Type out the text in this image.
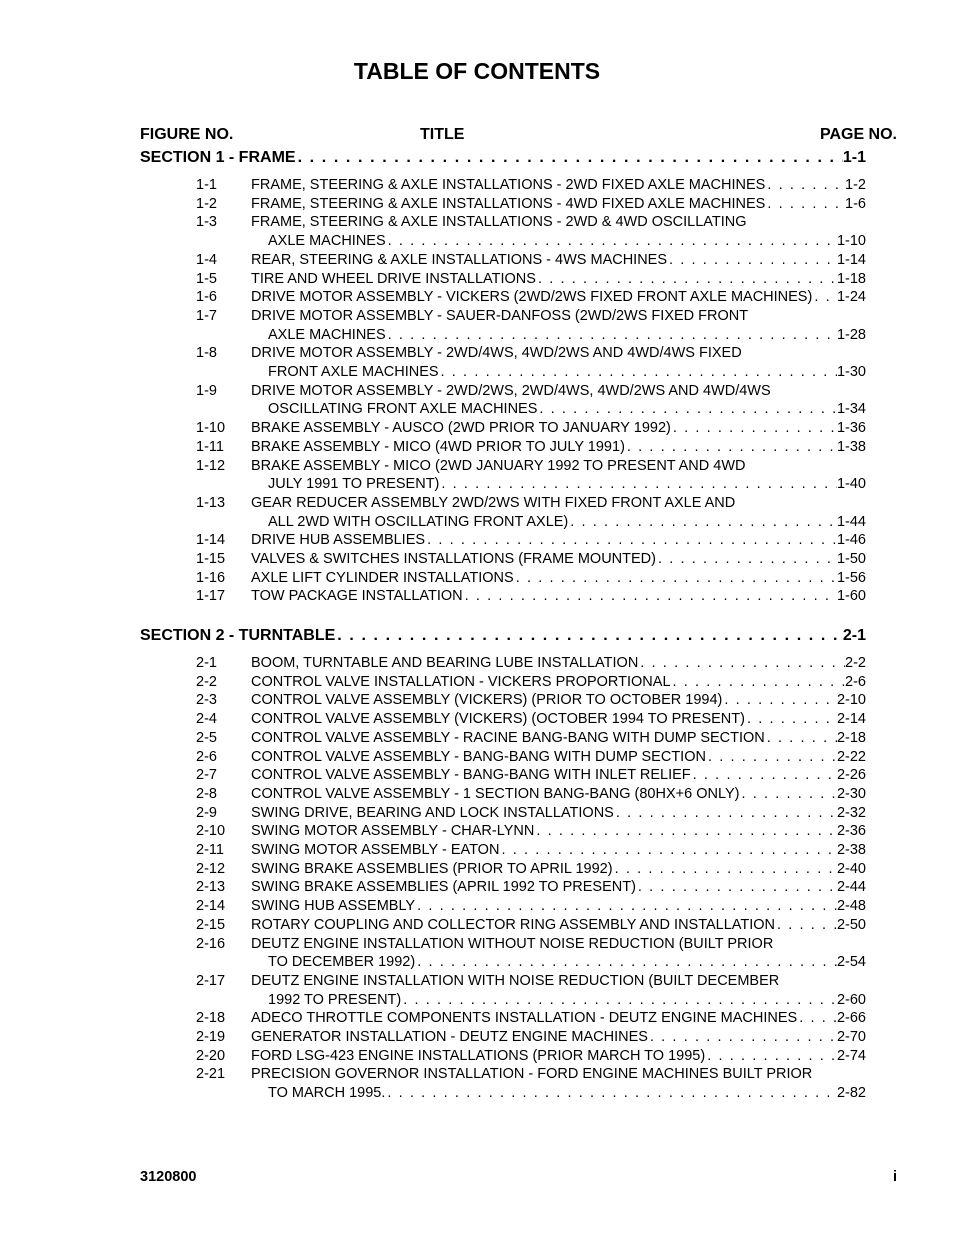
TABLE OF CONTENTS
FIGURE NO.	TITLE	PAGE NO.
SECTION 1 - FRAME . . .	1-1
1-1 FRAME, STEERING & AXLE INSTALLATIONS - 2WD FIXED AXLE MACHINES . . .	1-2
1-2 FRAME, STEERING & AXLE INSTALLATIONS - 4WD FIXED AXLE MACHINES . . .	1-6
1-3 FRAME, STEERING & AXLE INSTALLATIONS - 2WD & 4WD OSCILLATING
AXLE MACHINES . . .	1-10
1-4 REAR, STEERING & AXLE INSTALLATIONS - 4WS MACHINES . . .	1-14
1-5 TIRE AND WHEEL DRIVE INSTALLATIONS . . .	1-18
1-6 DRIVE MOTOR ASSEMBLY - VICKERS (2WD/2WS FIXED FRONT AXLE MACHINES) . . . 1-24
1-7 DRIVE MOTOR ASSEMBLY - SAUER-DANFOSS (2WD/2WS FIXED FRONT
AXLE MACHINES . . .	1-28
1-8 DRIVE MOTOR ASSEMBLY - 2WD/4WS, 4WD/2WS AND 4WD/4WS FIXED
FRONT AXLE MACHINES . . .	1-30
1-9 DRIVE MOTOR ASSEMBLY - 2WD/2WS, 2WD/4WS, 4WD/2WS AND 4WD/4WS
OSCILLATING FRONT AXLE MACHINES . . .	1-34
1-10 BRAKE ASSEMBLY - AUSCO (2WD PRIOR TO JANUARY 1992) . . .	1-36
1-11 BRAKE ASSEMBLY - MICO (4WD PRIOR TO JULY 1991) . . .	1-38
1-12 BRAKE ASSEMBLY - MICO (2WD JANUARY 1992 TO PRESENT AND 4WD
JULY 1991 TO PRESENT) . . .	1-40
1-13 GEAR REDUCER ASSEMBLY 2WD/2WS WITH FIXED FRONT AXLE AND
ALL 2WD WITH OSCILLATING FRONT AXLE) . . .	1-44
1-14 DRIVE HUB ASSEMBLIES . . .	1-46
1-15 VALVES & SWITCHES INSTALLATIONS (FRAME MOUNTED) . . .	1-50
1-16 AXLE LIFT CYLINDER INSTALLATIONS . . .	1-56
1-17 TOW PACKAGE INSTALLATION . . .	1-60
SECTION 2 - TURNTABLE . . .	2-1
2-1 BOOM, TURNTABLE AND BEARING LUBE INSTALLATION . . .	2-2
2-2 CONTROL VALVE INSTALLATION - VICKERS PROPORTIONAL . . .	2-6
2-3 CONTROL VALVE ASSEMBLY (VICKERS) (PRIOR TO OCTOBER 1994) . . .	2-10
2-4 CONTROL VALVE ASSEMBLY (VICKERS) (OCTOBER 1994 TO PRESENT) . . .	2-14
2-5 CONTROL VALVE ASSEMBLY - RACINE BANG-BANG WITH DUMP SECTION . . .	2-18
2-6 CONTROL VALVE ASSEMBLY - BANG-BANG WITH DUMP SECTION . . .	2-22
2-7 CONTROL VALVE ASSEMBLY - BANG-BANG WITH INLET RELIEF . . .	2-26
2-8 CONTROL VALVE ASSEMBLY - 1 SECTION BANG-BANG (80HX+6 ONLY) . . .	2-30
2-9 SWING DRIVE, BEARING AND LOCK INSTALLATIONS . . .	2-32
2-10 SWING MOTOR ASSEMBLY - CHAR-LYNN . . .	2-36
2-11 SWING MOTOR ASSEMBLY - EATON . . .	2-38
2-12 SWING BRAKE ASSEMBLIES (PRIOR TO APRIL 1992) . . .	2-40
2-13 SWING BRAKE ASSEMBLIES (APRIL 1992 TO PRESENT) . . .	2-44
2-14 SWING HUB ASSEMBLY . . .	2-48
2-15 ROTARY COUPLING AND COLLECTOR RING ASSEMBLY AND INSTALLATION . . .	2-50
2-16 DEUTZ ENGINE INSTALLATION WITHOUT NOISE REDUCTION (BUILT PRIOR
TO DECEMBER 1992) . . .	2-54
2-17 DEUTZ ENGINE INSTALLATION WITH NOISE REDUCTION (BUILT DECEMBER
1992 TO PRESENT) . . .	2-60
2-18 ADECO THROTTLE COMPONENTS INSTALLATION - DEUTZ ENGINE MACHINES . . .	2-66
2-19 GENERATOR INSTALLATION - DEUTZ ENGINE MACHINES . . .	2-70
2-20 FORD LSG-423 ENGINE INSTALLATIONS (PRIOR MARCH TO 1995) . . .	2-74
2-21 PRECISION GOVERNOR INSTALLATION - FORD ENGINE MACHINES BUILT PRIOR
TO MARCH 1995. . . .	2-82
3120800	i
